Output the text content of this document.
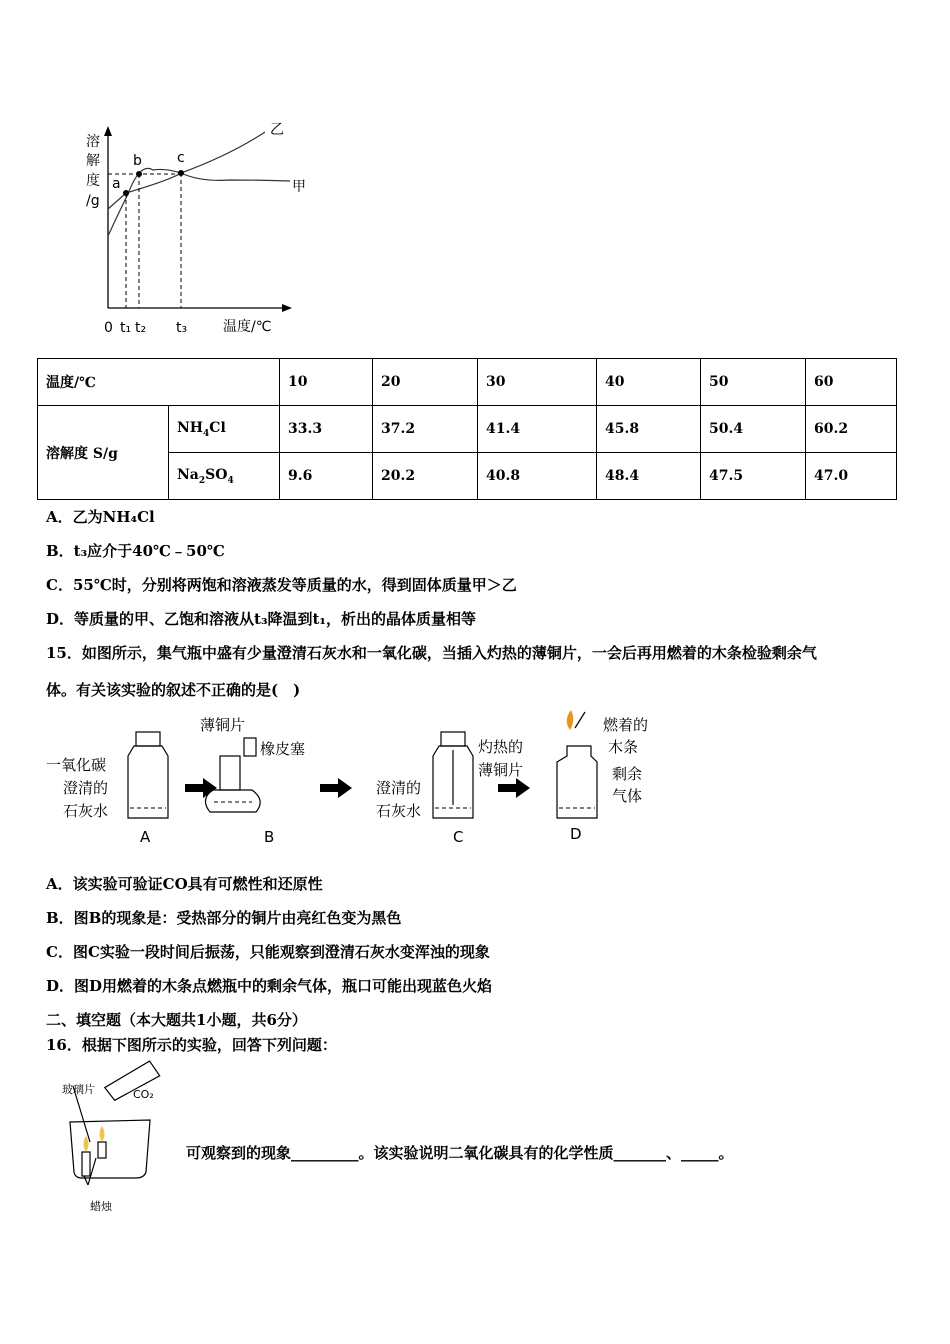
溶
解
度
/g
a
b	c
乙
甲
0 t₁ t₂ t₃	温度/℃
温度/℃		10	20	30	40	50	60
溶解度 S/g	$NH_4Cl$	33.3	37.2	41.4	45.8	50.4	60.2
	$Na_2SO_4$	9.6	20.2	40.8	48.4	47.5	47.0
A．乙为NH₄Cl
B．t₃应介于40℃﹣50℃
C．55℃时，分别将两饱和溶液蒸发等质量的水，得到固体质量甲＞乙
D．等质量的甲、乙饱和溶液从t₃降温到t₁，析出的晶体质量相等
15．如图所示，集气瓶中盛有少量澄清石灰水和一氧化碳，当插入灼热的薄铜片，一会后再用燃着的木条检验剩余气
体。有关该实验的叙述不正确的是(　)
一氧化碳
澄清的
石灰水
薄铜片
橡皮塞	灼热的
薄铜片
澄清的
石灰水
燃着的
木条
剩余
气体
A	B	C	D
A．该实验可验证CO具有可燃性和还原性
B．图B的现象是：受热部分的铜片由亮红色变为黑色
C．图C实验一段时间后振荡，只能观察到澄清石灰水变浑浊的现象
D．图D用燃着的木条点燃瓶中的剩余气体，瓶口可能出现蓝色火焰
二、填空题（本大题共1小题，共6分）
16．根据下图所示的实验，回答下列问题：
玻璃片	CO₂
蜡烛
可观察到的现象_________。该实验说明二氧化碳具有的化学性质_______、_____。
